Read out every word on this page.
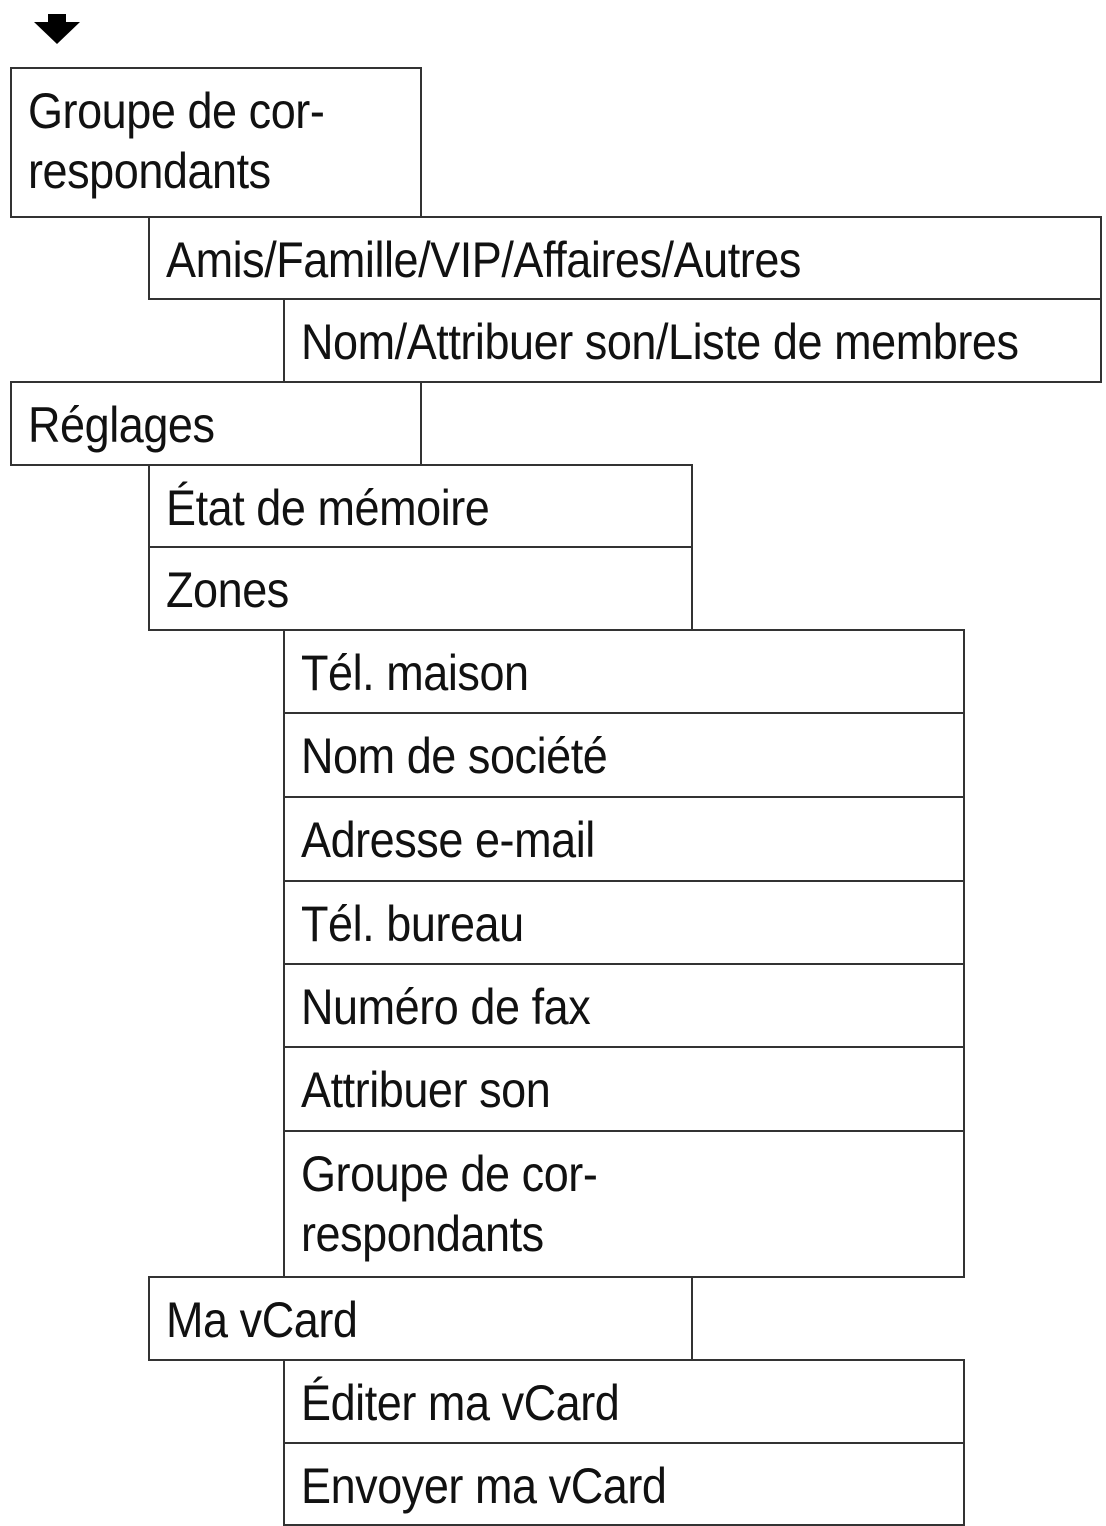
Groupe de cor-
respondants
Amis/Famille/VIP/Affaires/Autres
Nom/Attribuer son/Liste de membres
Réglages
État de mémoire
Zones
Tél. maison
Nom de société
Adresse e-mail
Tél. bureau
Numéro de fax
Attribuer son
Groupe de cor-
respondants
Ma vCard
Éditer ma vCard
Envoyer ma vCard
